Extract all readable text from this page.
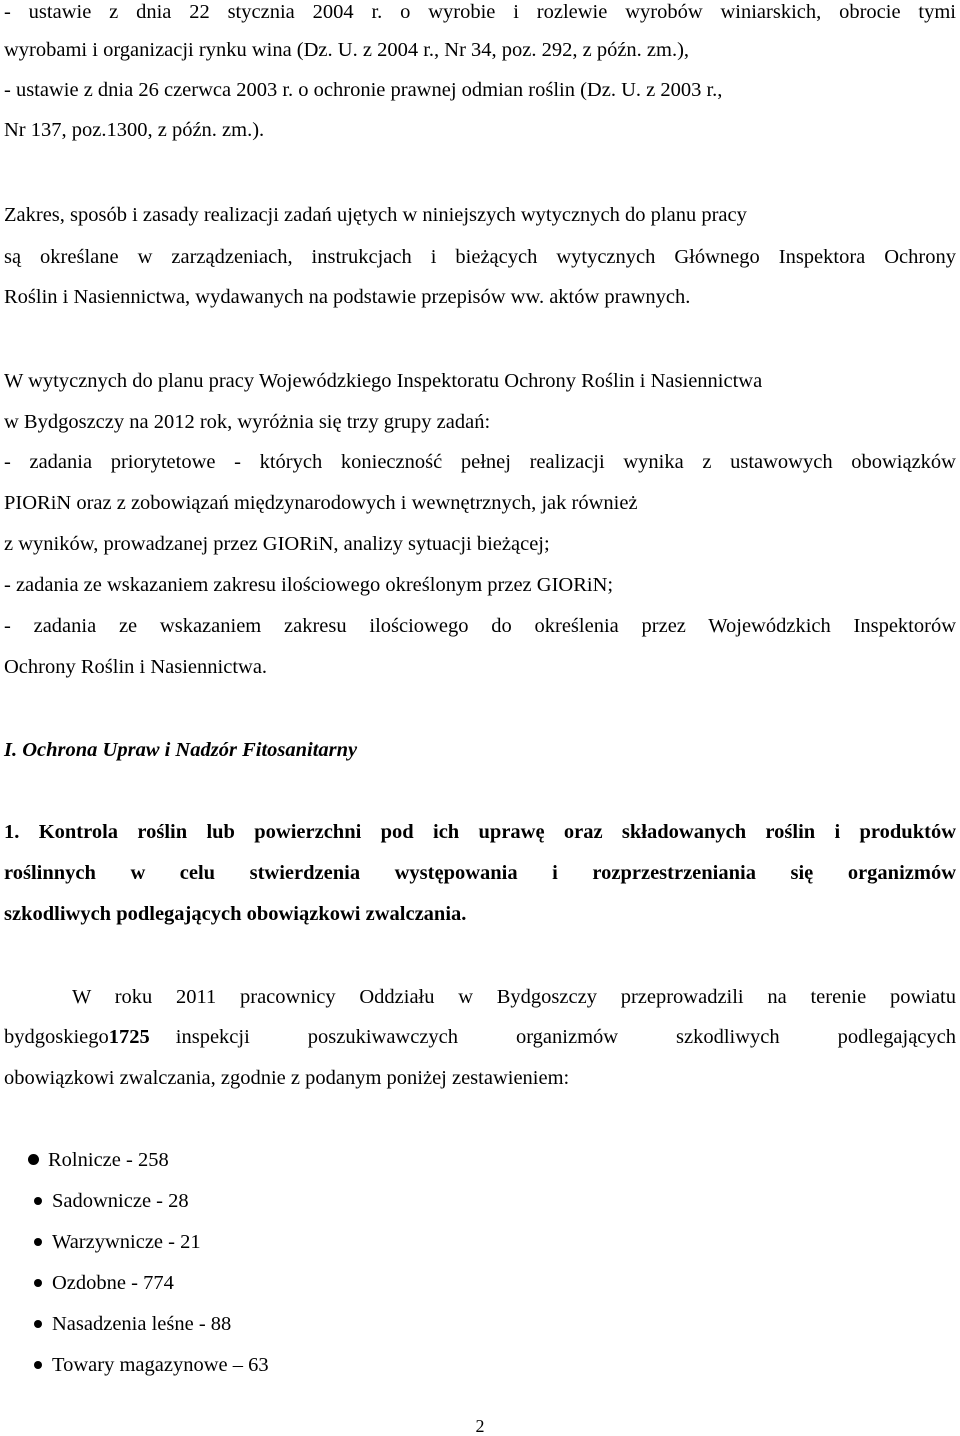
- ustawie z dnia 22 stycznia 2004 r. o wyrobie i rozlewie wyrobów winiarskich, obrocie tymi
wyrobami i organizacji rynku wina (Dz. U. z 2004 r., Nr 34, poz. 292, z późn. zm.),
- ustawie z dnia 26 czerwca 2003 r. o ochronie prawnej odmian roślin (Dz. U. z 2003 r.,
Nr 137, poz.1300, z późn. zm.).
Zakres, sposób i zasady realizacji zadań ujętych w niniejszych wytycznych do planu pracy
są określane w zarządzeniach, instrukcjach i bieżących wytycznych Głównego Inspektora Ochrony
Roślin i Nasiennictwa, wydawanych na podstawie przepisów ww. aktów prawnych.
W wytycznych do planu pracy Wojewódzkiego Inspektoratu Ochrony Roślin i Nasiennictwa
w Bydgoszczy na 2012 rok, wyróżnia się trzy grupy zadań:
- zadania priorytetowe - których konieczność pełnej realizacji wynika z ustawowych obowiązków
PIORiN oraz z zobowiązań międzynarodowych i wewnętrznych, jak również
z wyników, prowadzanej przez GIORiN, analizy sytuacji bieżącej;
- zadania ze wskazaniem zakresu ilościowego określonym przez GIORiN;
- zadania ze wskazaniem zakresu ilościowego do określenia przez Wojewódzkich Inspektorów
Ochrony Roślin i Nasiennictwa.
I. Ochrona Upraw i Nadzór Fitosanitarny
1. Kontrola roślin lub powierzchni pod ich uprawę oraz składowanych roślin i produktów
roślinnych w celu stwierdzenia występowania i rozprzestrzeniania się organizmów
szkodliwych podlegających obowiązkowi zwalczania.
W roku 2011 pracownicy Oddziału w Bydgoszczy przeprowadzili na terenie powiatu
bydgoskiego 1725 inspekcji poszukiwawczych organizmów szkodliwych podlegających
obowiązkowi zwalczania, zgodnie z podanym poniżej zestawieniem:
Rolnicze - 258
Sadownicze - 28
Warzywnicze - 21
Ozdobne - 774
Nasadzenia leśne - 88
Towary magazynowe – 63
2
